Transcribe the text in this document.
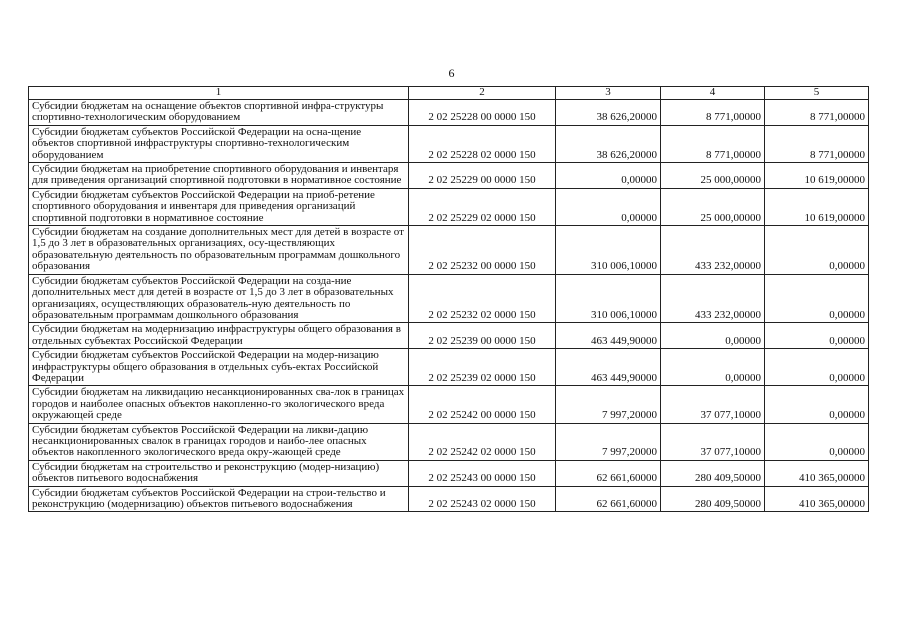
6
1	2	3	4	5
Субсидии бюджетам на оснащение объектов спортивной инфра-структуры спортивно-технологическим оборудованием	2 02 25228 00 0000 150	38 626,20000	8 771,00000	8 771,00000
Субсидии бюджетам субъектов Российской Федерации на осна-щение объектов спортивной инфраструктуры спортивно-технологическим оборудованием	2 02 25228 02 0000 150	38 626,20000	8 771,00000	8 771,00000
Субсидии бюджетам на приобретение спортивного оборудования и инвентаря для приведения организаций спортивной подготовки в нормативное состояние	2 02 25229 00 0000 150	0,00000	25 000,00000	10 619,00000
Субсидии бюджетам субъектов Российской Федерации на приоб-ретение спортивного оборудования и инвентаря для приведения организаций спортивной подготовки в нормативное состояние	2 02 25229 02 0000 150	0,00000	25 000,00000	10 619,00000
Субсидии бюджетам на создание дополнительных мест для детей в возрасте от 1,5 до 3 лет в образовательных организациях, осу-ществляющих образовательную деятельность по образовательным программам дошкольного образования	2 02 25232 00 0000 150	310 006,10000	433 232,00000	0,00000
Субсидии бюджетам субъектов Российской Федерации на созда-ние дополнительных мест для детей в возрасте от 1,5 до 3 лет в образовательных организациях, осуществляющих образователь-ную деятельность по образовательным программам дошкольного образования	2 02 25232 02 0000 150	310 006,10000	433 232,00000	0,00000
Субсидии бюджетам на модернизацию инфраструктуры общего образования в отдельных субъектах Российской Федерации	2 02 25239 00 0000 150	463 449,90000	0,00000	0,00000
Субсидии бюджетам субъектов Российской Федерации на модер-низацию инфраструктуры общего образования в отдельных субъ-ектах Российской Федерации	2 02 25239 02 0000 150	463 449,90000	0,00000	0,00000
Субсидии бюджетам на ликвидацию несанкционированных сва-лок в границах городов и наиболее опасных объектов накопленно-го экологического вреда окружающей среде	2 02 25242 00 0000 150	7 997,20000	37 077,10000	0,00000
Субсидии бюджетам субъектов Российской Федерации на ликви-дацию несанкционированных свалок в границах городов и наибо-лее опасных объектов накопленного экологического вреда окру-жающей среде	2 02 25242 02 0000 150	7 997,20000	37 077,10000	0,00000
Субсидии бюджетам на строительство и реконструкцию (модер-низацию) объектов питьевого водоснабжения	2 02 25243 00 0000 150	62 661,60000	280 409,50000	410 365,00000
Субсидии бюджетам субъектов Российской Федерации на строи-тельство и реконструкцию (модернизацию) объектов питьевого водоснабжения	2 02 25243 02 0000 150	62 661,60000	280 409,50000	410 365,00000
